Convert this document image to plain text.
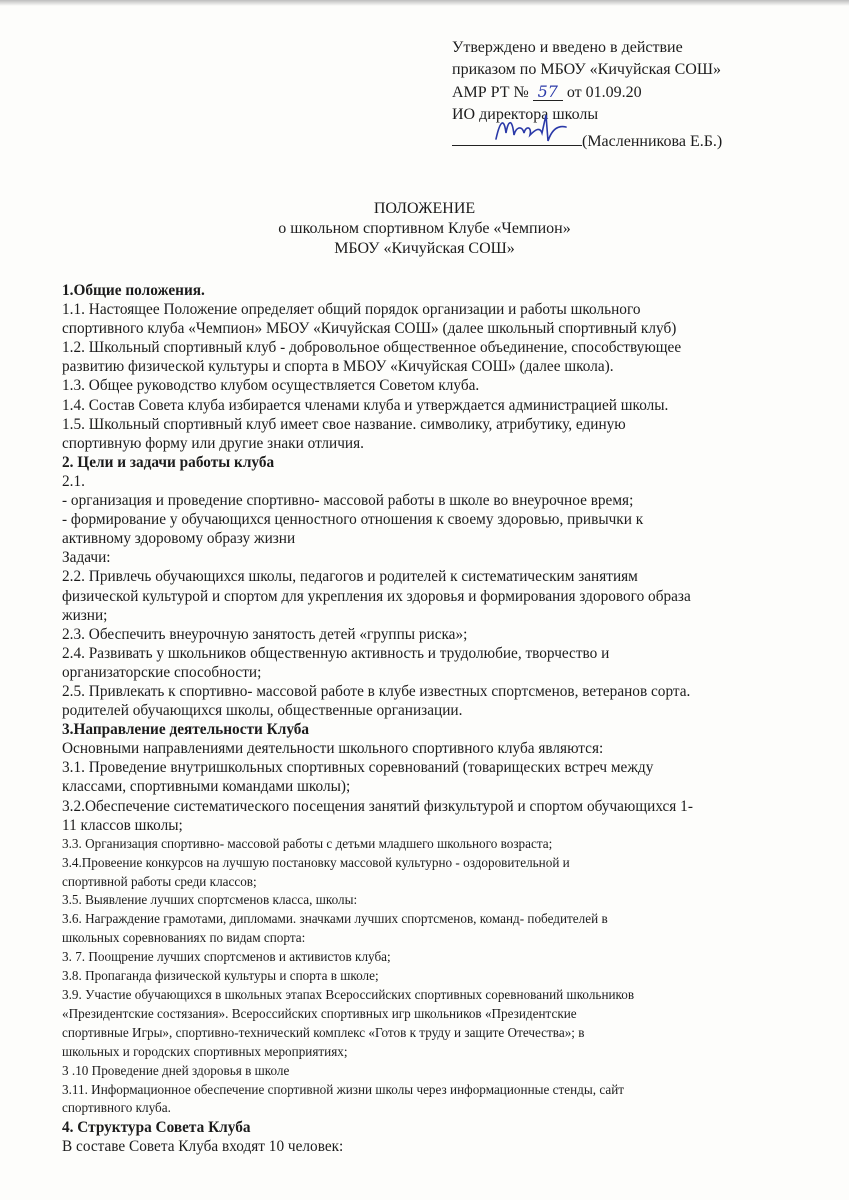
Утверждено и введено в действие
приказом по МБОУ «Кичуйская СОШ»
АМР РТ № 57 от 01.09.20
ИО директора школы
(Масленникова Е.Б.)
ПОЛОЖЕНИЕ
о школьном спортивном Клубе «Чемпион»
МБОУ «Кичуйская СОШ»

1.Общие положения.

1.1. Настоящее Положение определяет общий порядок организации и работы школьного

спортивного клуба «Чемпион» МБОУ «Кичуйская СОШ» (далее школьный спортивный клуб)

1.2. Школьный спортивный клуб - добровольное общественное объединение, способствующее

развитию физической культуры и спорта в МБОУ «Кичуйская СОШ» (далее школа).

1.3. Общее руководство клубом осуществляется Советом клуба.

1.4. Состав Совета клуба избирается членами клуба и утверждается администрацией школы.

1.5. Школьный спортивный клуб имеет свое название. символику, атрибутику, единую

спортивную форму или другие знаки отличия.

2. Цели и задачи работы клуба

2.1.

- организация и проведение спортивно- массовой работы в школе во внеурочное время;

- формирование у обучающихся ценностного отношения к своему здоровью, привычки к

активному здоровому образу жизни

Задачи:

2.2. Привлечь обучающихся школы, педагогов и родителей к систематическим занятиям

физической культурой и спортом для укрепления их здоровья и формирования здорового образа

жизни;

2.3. Обеспечить внеурочную занятость детей «группы риска»;

2.4. Развивать у школьников общественную активность и трудолюбие, творчество и

организаторские способности;

2.5. Привлекать к спортивно- массовой работе в клубе известных спортсменов, ветеранов сорта.

родителей обучающихся школы, общественные организации.

3.Направление деятельности Клуба

Основными направлениями деятельности школьного спортивного клуба являются:

3.1. Проведение внутришкольных спортивных соревнований (товарищеских встреч между

классами, спортивными командами школы);

3.2.Обеспечение систематического посещения занятий физкультурой и спортом обучающихся 1-

11 классов школы;

3.3. Организация спортивно- массовой работы с детьми младшего школьного возраста;

3.4.Провеение конкурсов на лучшую постановку массовой культурно - оздоровительной и

спортивной работы среди классов;

3.5. Выявление лучших спортсменов класса, школы:

3.6. Награждение грамотами, дипломами. значками лучших спортсменов, команд- победителей в

школьных соревнованиях по видам спорта:

3. 7. Поощрение лучших спортсменов и активистов клуба;

3.8. Пропаганда физической культуры и спорта в школе;

3.9. Участие обучающихся в школьных этапах Всероссийских спортивных соревнований школьников

«Президентские состязания». Всероссийских спортивных игр школьников «Президентские

спортивные Игры», спортивно-технический комплекс «Готов к труду и защите Отечества»; в

школьных и городских спортивных мероприятиях;

3 .10 Проведение дней здоровья в школе

3.11. Информационное обеспечение спортивной жизни школы через информационные стенды, сайт

спортивного клуба.

4. Структура Совета Клуба

В составе Совета Клуба входят 10 человек:
